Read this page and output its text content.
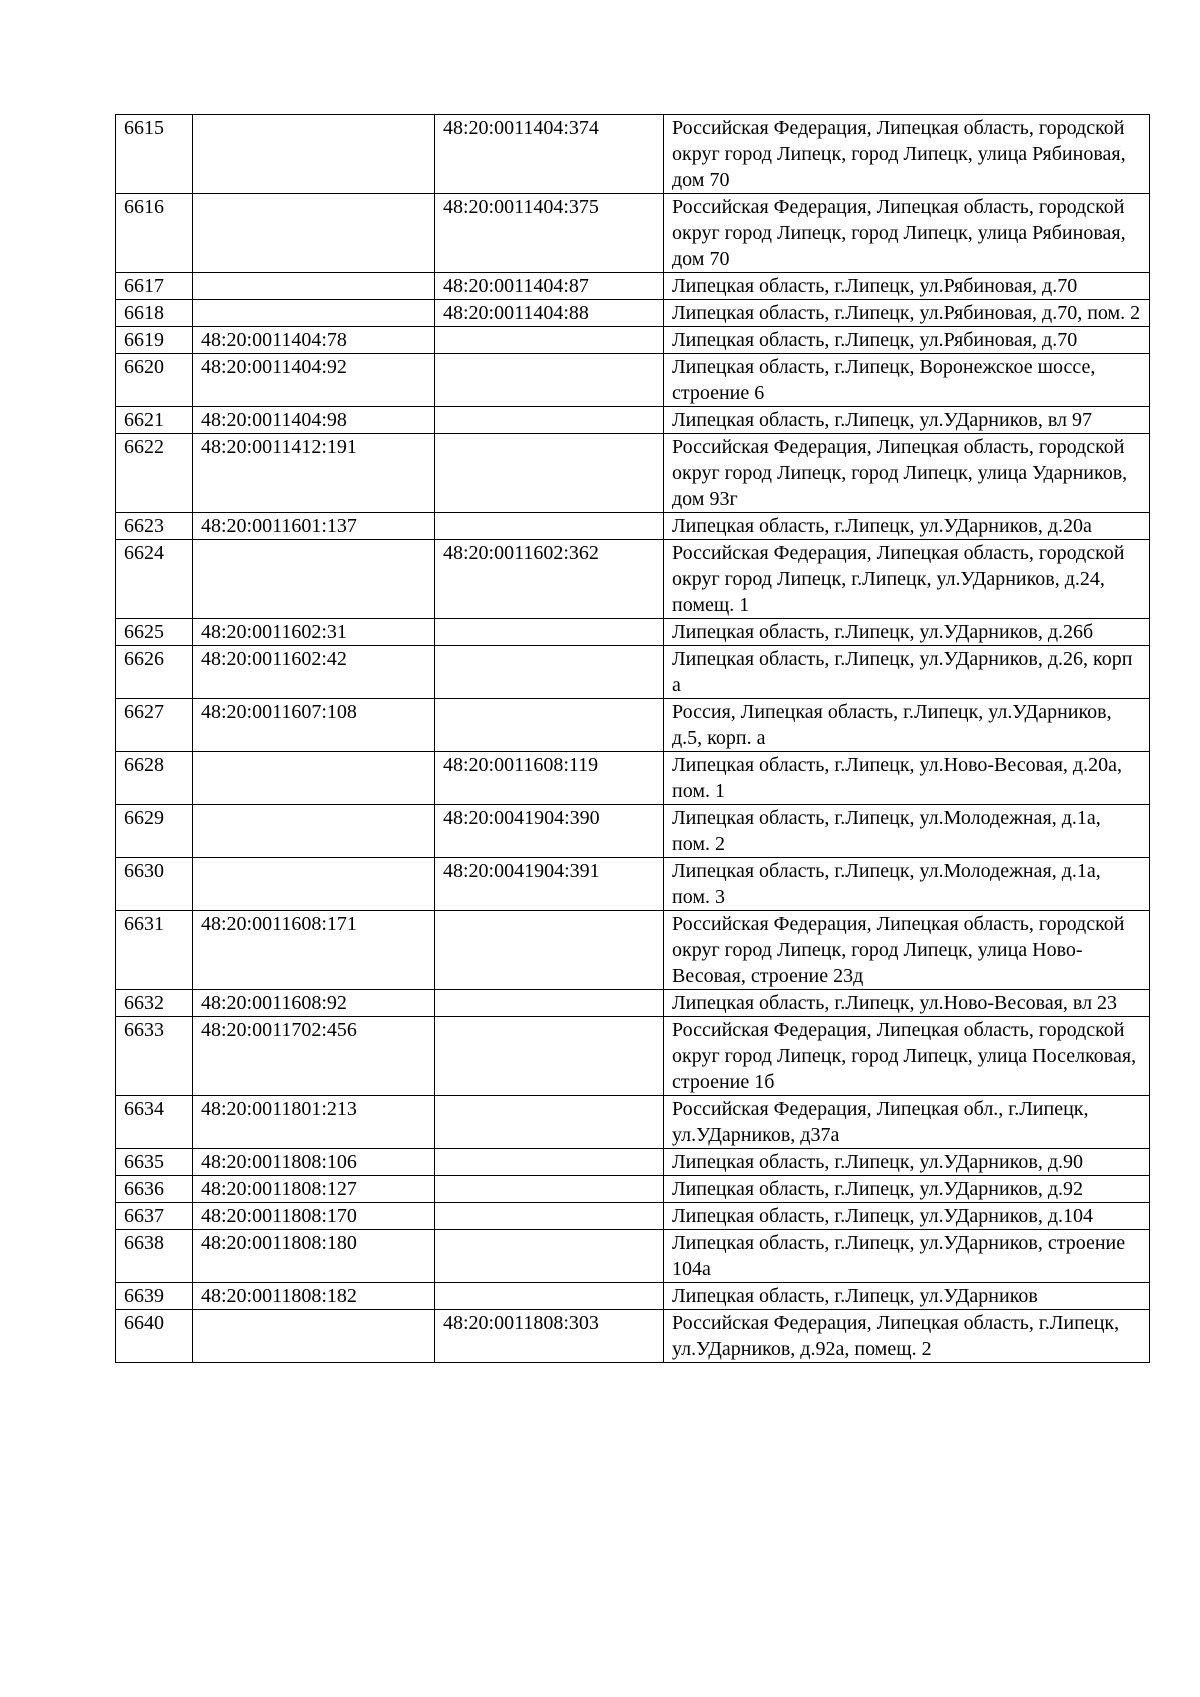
6615		48:20:0011404:374	Российская Федерация, Липецкая область, городской округ город Липецк, город Липецк, улица Рябиновая, дом 70
6616		48:20:0011404:375	Российская Федерация, Липецкая область, городской округ город Липецк, город Липецк, улица Рябиновая, дом 70
6617		48:20:0011404:87	Липецкая область, г.Липецк, ул.Рябиновая, д.70
6618		48:20:0011404:88	Липецкая область, г.Липецк, ул.Рябиновая, д.70, пом. 2
6619	48:20:0011404:78		Липецкая область, г.Липецк, ул.Рябиновая, д.70
6620	48:20:0011404:92		Липецкая область, г.Липецк, Воронежское шоссе, строение 6
6621	48:20:0011404:98		Липецкая область, г.Липецк, ул.УДарников, вл 97
6622	48:20:0011412:191		Российская Федерация, Липецкая область, городской округ город Липецк, город Липецк, улица Ударников, дом 93г
6623	48:20:0011601:137		Липецкая область, г.Липецк, ул.УДарников, д.20а
6624		48:20:0011602:362	Российская Федерация, Липецкая область, городской округ город Липецк, г.Липецк, ул.УДарников, д.24, помещ. 1
6625	48:20:0011602:31		Липецкая область, г.Липецк, ул.УДарников, д.26б
6626	48:20:0011602:42		Липецкая область, г.Липецк, ул.УДарников, д.26, корп а
6627	48:20:0011607:108		Россия, Липецкая область, г.Липецк, ул.УДарников, д.5, корп. а
6628		48:20:0011608:119	Липецкая область, г.Липецк, ул.Ново-Весовая, д.20а, пом. 1
6629		48:20:0041904:390	Липецкая область, г.Липецк, ул.Молодежная, д.1а, пом. 2
6630		48:20:0041904:391	Липецкая область, г.Липецк, ул.Молодежная, д.1а, пом. 3
6631	48:20:0011608:171		Российская Федерация, Липецкая область, городской округ город Липецк, город Липецк, улица Ново-Весовая, строение 23д
6632	48:20:0011608:92		Липецкая область, г.Липецк, ул.Ново-Весовая, вл 23
6633	48:20:0011702:456		Российская Федерация, Липецкая область, городской округ город Липецк, город Липецк, улица Поселковая, строение 1б
6634	48:20:0011801:213		Российская Федерация, Липецкая обл., г.Липецк, ул.УДарников, д37а
6635	48:20:0011808:106		Липецкая область, г.Липецк, ул.УДарников, д.90
6636	48:20:0011808:127		Липецкая область, г.Липецк, ул.УДарников, д.92
6637	48:20:0011808:170		Липецкая область, г.Липецк, ул.УДарников, д.104
6638	48:20:0011808:180		Липецкая область, г.Липецк, ул.УДарников, строение 104а
6639	48:20:0011808:182		Липецкая область, г.Липецк, ул.УДарников
6640		48:20:0011808:303	Российская Федерация, Липецкая область, г.Липецк, ул.УДарников, д.92а, помещ. 2
